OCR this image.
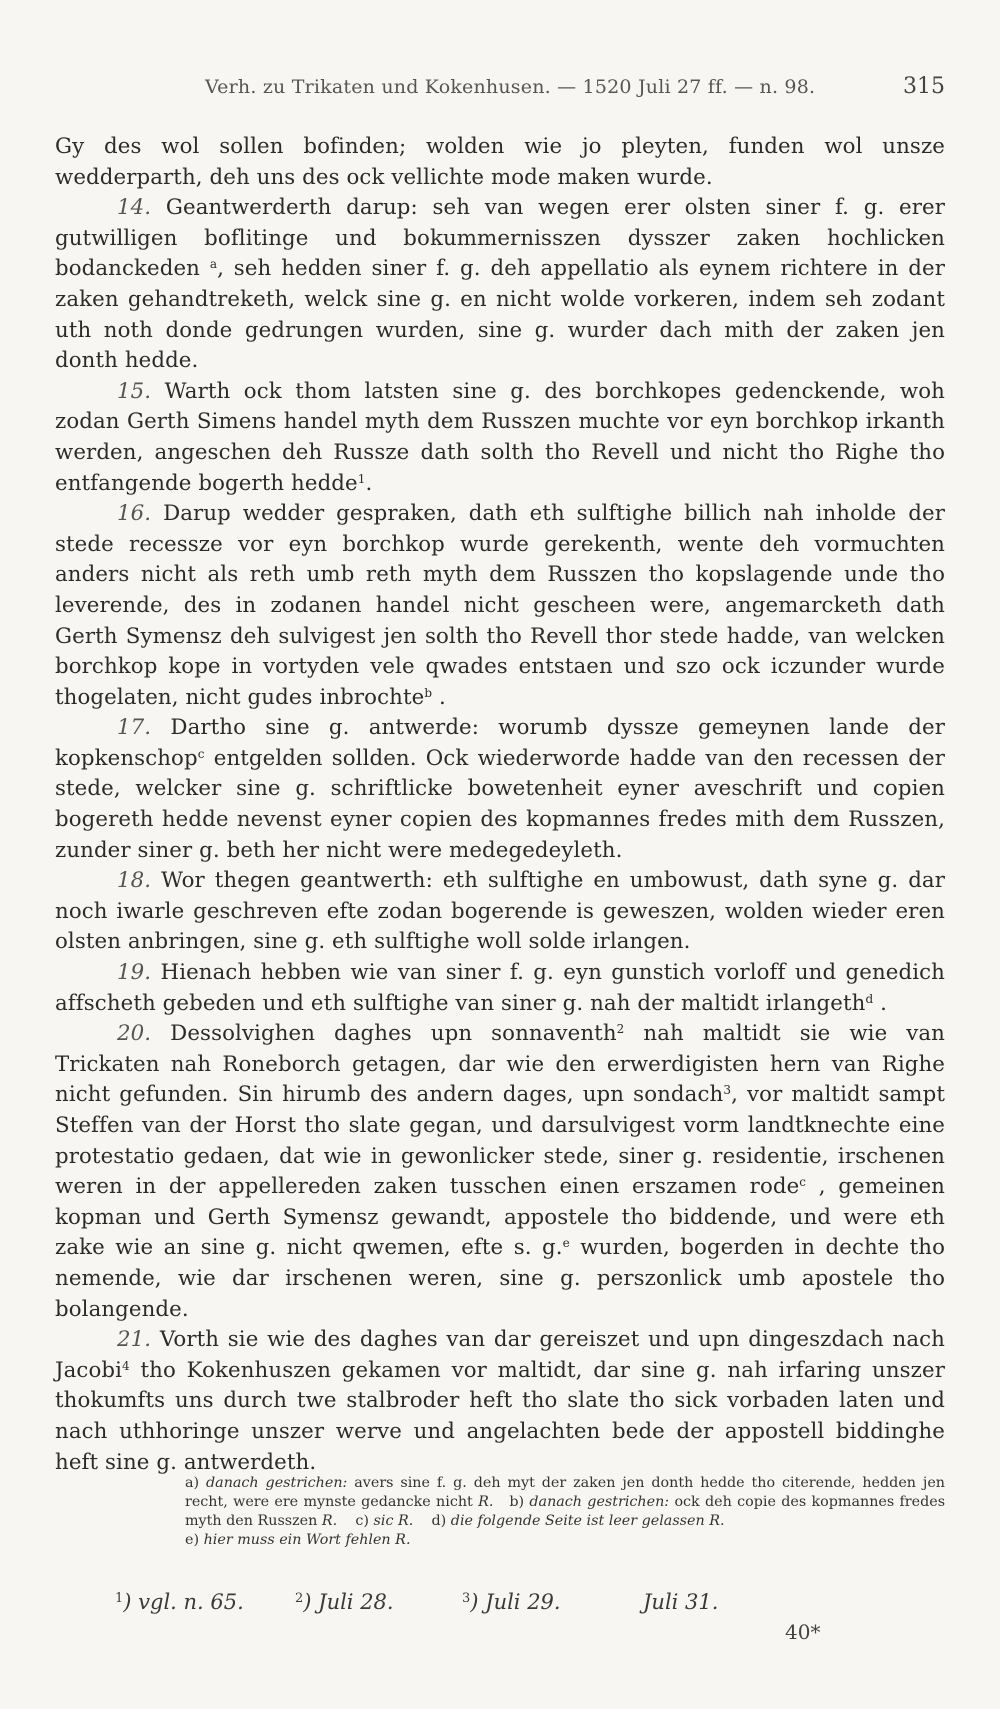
Verh. zu Trikaten und Kokenhusen. — 1520 Juli 27 ff. — n. 98.	315

Gy des wol sollen bofinden; wolden wie jo pleyten, funden wol unsze wedderparth, deh uns des ock vellichte mode maken wurde.

14. Geantwerderth darup: seh van wegen erer olsten siner f. g. erer gutwilligen boflitinge und bokummernisszen dysszer zaken hochlicken bodanckeden $^a$, seh hedden siner f. g. deh appellatio als eynem richtere in der zaken gehandtreketh, welck sine g. en nicht wolde vorkeren, indem seh zodant uth noth donde gedrungen wurden, sine g. wurder dach mith der zaken jen donth hedde.

15. Warth ock thom latsten sine g. des borchkopes gedenckende, woh zodan Gerth Simens handel myth dem Russzen muchte vor eyn borchkop irkanth werden, angeschen deh Russze dath solth tho Revell und nicht tho Righe tho entfangende bogerth hedde$^1$.

16. Darup wedder gespraken, dath eth sulftighe billich nah inholde der stede recessze vor eyn borchkop wurde gerekenth, wente deh vormuchten anders nicht als reth umb reth myth dem Russzen tho kopslagende unde tho leverende, des in zodanen handel nicht gescheen were, angemarcketh dath Gerth Symensz deh sulvigest jen solth tho Revell thor stede hadde, van welcken borchkop kope in vortyden vele qwades entstaen und szo ock iczunder wurde thogelaten, nicht gudes inbrochte$^b$ .

17. Dartho sine g. antwerde: worumb dyssze gemeynen lande der kopkenschop$^c$ entgelden sollden. Ock wiederworde hadde van den recessen der stede, welcker sine g. schriftlicke bowetenheit eyner aveschrift und copien bogereth hedde nevenst eyner copien des kopmannes fredes mith dem Russzen, zunder siner g. beth her nicht were medegedeyleth.

18. Wor thegen geantwerth: eth sulftighe en umbowust, dath syne g. dar noch iwarle geschreven efte zodan bogerende is geweszen, wolden wieder eren olsten anbringen, sine g. eth sulftighe woll solde irlangen.

19. Hienach hebben wie van siner f. g. eyn gunstich vorloff und genedich affscheth gebeden und eth sulftighe van siner g. nah der maltidt irlangeth$^d$ .

20. Dessolvighen daghes upn sonnaventh$^2$ nah maltidt sie wie van Trickaten nah Roneborch getagen, dar wie den erwerdigisten hern van Righe nicht gefunden. Sin hirumb des andern dages, upn sondach$^3$, vor maltidt sampt Steffen van der Horst tho slate gegan, und darsulvigest vorm landtknechte eine protestatio gedaen, dat wie in gewonlicker stede, siner g. residentie, irschenen weren in der appellereden zaken tusschen einen erszamen rode$^c$ , gemeinen kopman und Gerth Symensz gewandt, appostele tho biddende, und were eth zake wie an sine g. nicht qwemen, efte s. g.$^e$ wurden, bogerden in dechte tho nemende, wie dar irschenen weren, sine g. perszonlick umb apostele tho bolangende.

21. Vorth sie wie des daghes van dar gereiszet und upn dingeszdach nach Jacobi$^4$ tho Kokenhuszen gekamen vor maltidt, dar sine g. nah irfaring unszer thokumfts uns durch twe stalbroder heft tho slate tho sick vorbaden laten und nach uthhoringe unszer werve und angelachten bede der appostell biddinghe heft sine g. antwerdeth.

a) danach gestrichen: avers sine f. g. deh myt der zaken jen donth hedde tho citerende, hedden jen recht, were ere mynste gedancke nicht R. b) danach gestrichen: ock deh copie des kopmannes fredes myth den Russzen R. c) sic R. d) die folgende Seite ist leer gelassen R.

e) hier muss ein Wort fehlen R.

$^1$) vgl. n. 65.	$^2$) Juli 28.	$^3$) Juli 29.	Juli 31.
40*
